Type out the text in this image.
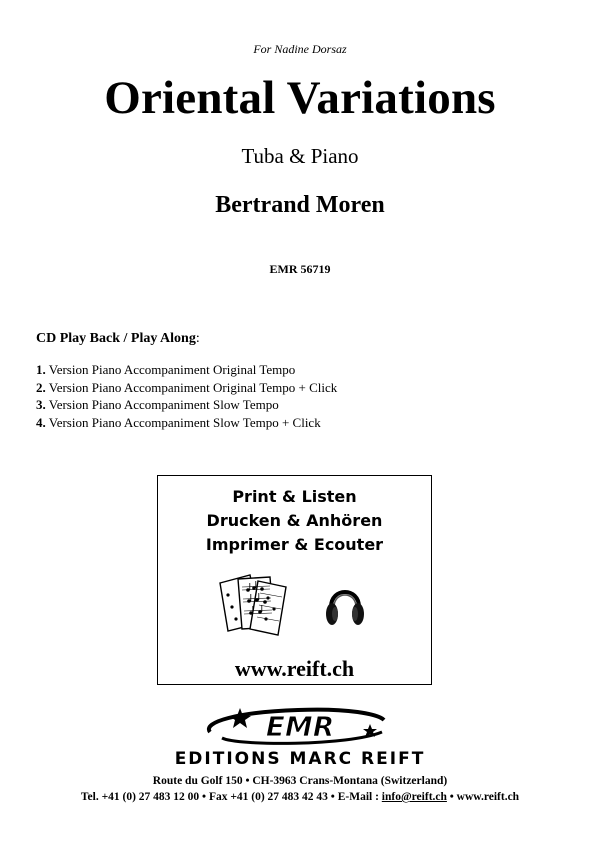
For Nadine Dorsaz
Oriental Variations
Tuba & Piano
Bertrand Moren
EMR 56719
CD Play Back / Play Along:
1. Version Piano Accompaniment Original Tempo
2. Version Piano Accompaniment Original Tempo + Click
3. Version Piano Accompaniment Slow Tempo
4. Version Piano Accompaniment Slow Tempo + Click
Print & Listen
Drucken & Anhören
Imprimer & Ecouter
www.reift.ch
EMR
EDITIONS MARC REIFT
Route du Golf 150 • CH-3963 Crans-Montana (Switzerland)
Tel. +41 (0) 27 483 12 00 • Fax +41 (0) 27 483 42 43 • E-Mail : info@reift.ch • www.reift.ch
